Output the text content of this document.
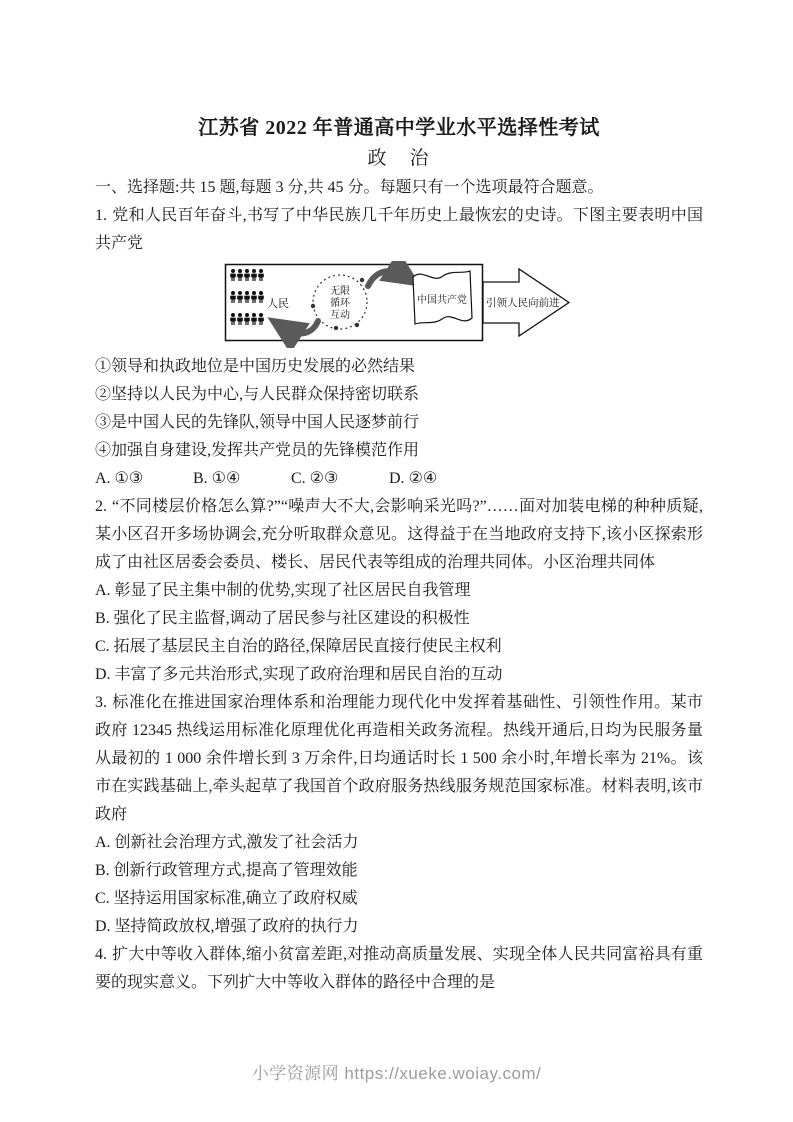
江苏省 2022 年普通高中学业水平选择性考试
政　治

一、选择题:共 15 题,每题 3 分,共 45 分。每题只有一个选项最符合题意。

1. 党和人民百年奋斗,书写了中华民族几千年历史上最恢宏的史诗。下图主要表明中国共产党

人民
无限
循环
互动
中国共产党 引领人民向前进
①领导和执政地位是中国历史发展的必然结果
②坚持以人民为中心,与人民群众保持密切联系
③是中国人民的先锋队,领导中国人民逐梦前行
④加强自身建设,发挥共产党员的先锋模范作用
A. ①③	B. ①④	C. ②③	D. ②④

2. “不同楼层价格怎么算?”“噪声大不大,会影响采光吗?”……面对加装电梯的种种质疑,某小区召开多场协调会,充分听取群众意见。这得益于在当地政府支持下,该小区探索形成了由社区居委会委员、楼长、居民代表等组成的治理共同体。小区治理共同体

A. 彰显了民主集中制的优势,实现了社区居民自我管理
B. 强化了民主监督,调动了居民参与社区建设的积极性
C. 拓展了基层民主自治的路径,保障居民直接行使民主权利
D. 丰富了多元共治形式,实现了政府治理和居民自治的互动

3. 标准化在推进国家治理体系和治理能力现代化中发挥着基础性、引领性作用。某市政府 12345 热线运用标准化原理优化再造相关政务流程。热线开通后,日均为民服务量从最初的 1 000 余件增长到 3 万余件,日均通话时长 1 500 余小时,年增长率为 21%。该市在实践基础上,牵头起草了我国首个政府服务热线服务规范国家标准。材料表明,该市政府

A. 创新社会治理方式,激发了社会活力
B. 创新行政管理方式,提高了管理效能
C. 坚持运用国家标准,确立了政府权威
D. 坚持简政放权,增强了政府的执行力

4. 扩大中等收入群体,缩小贫富差距,对推动高质量发展、实现全体人民共同富裕具有重要的现实意义。下列扩大中等收入群体的路径中合理的是

小学资源网 https://xueke.woiay.com/
